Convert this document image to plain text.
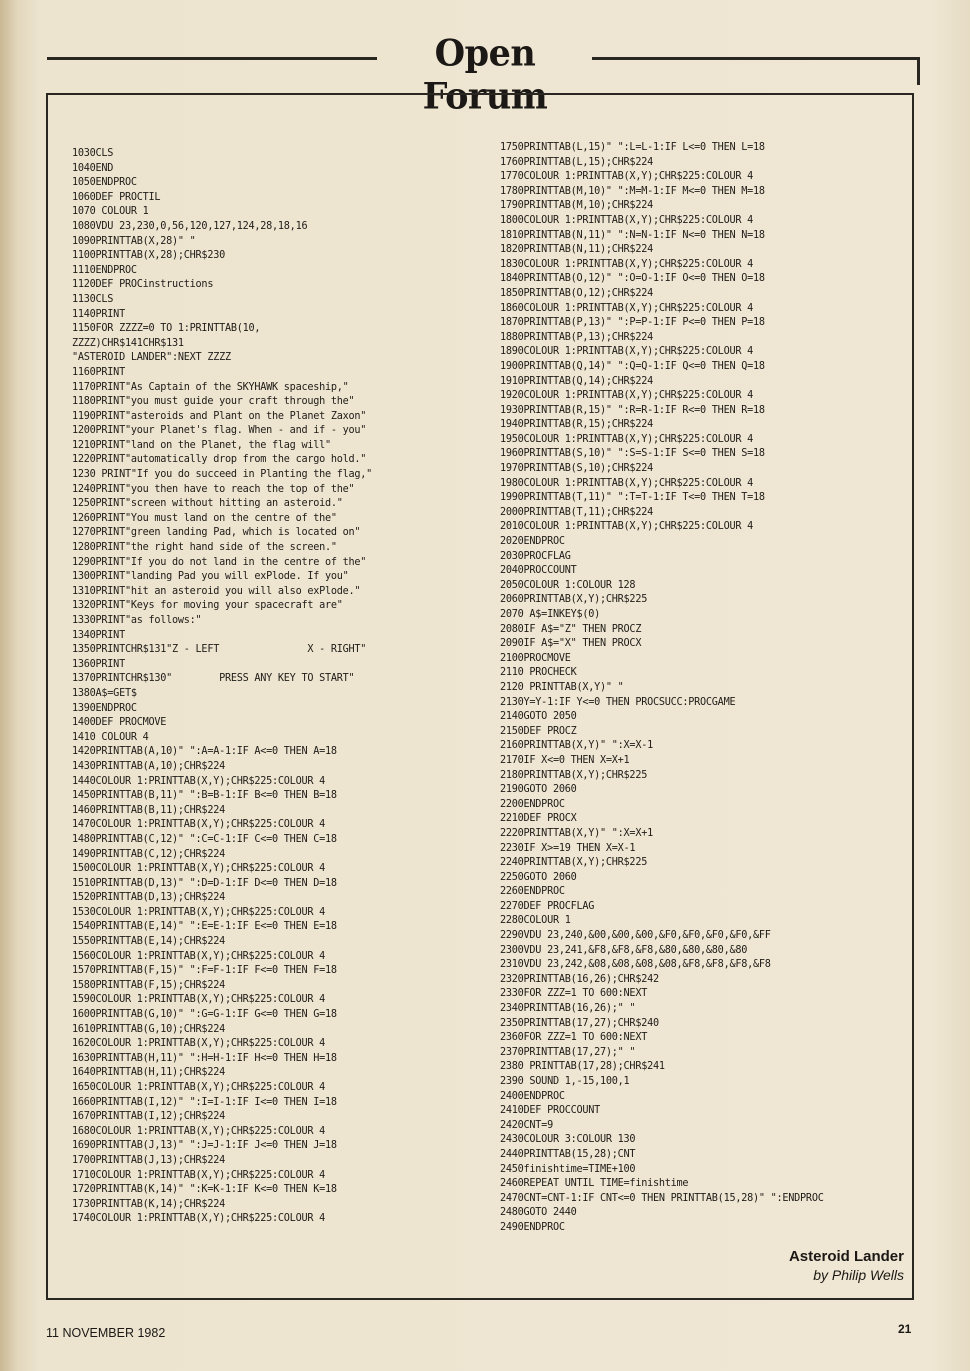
Open Forum
1030CLS
1040END
1050ENDPROC
1060DEF PROCTIL
1070 COLOUR 1
1080VDU 23,230,0,56,120,127,124,28,18,16
1090PRINTTAB(X,28)" "
1100PRINTTAB(X,28);CHR$230
1110ENDPROC
1120DEF PROCinstructions
1130CLS
1140PRINT
1150FOR ZZZZ=0 TO 1:PRINTTAB(10,
ZZZZ)CHR$141CHR$131
"ASTEROID LANDER":NEXT ZZZZ
1160PRINT
1170PRINT"As Captain of the SKYHAWK spaceship,"
1180PRINT"you must guide your craft through the"
1190PRINT"asteroids and Plant on the Planet Zaxon"
1200PRINT"your Planet's flag. When - and if - you"
1210PRINT"land on the Planet, the flag will"
1220PRINT"automatically drop from the cargo hold."
1230 PRINT"If you do succeed in Planting the flag,"
1240PRINT"you then have to reach the top of the"
1250PRINT"screen without hitting an asteroid."
1260PRINT"You must land on the centre of the"
1270PRINT"green landing Pad, which is located on"
1280PRINT"the right hand side of the screen."
1290PRINT"If you do not land in the centre of the"
1300PRINT"landing Pad you will exPlode. If you"
1310PRINT"hit an asteroid you will also exPlode."
1320PRINT"Keys for moving your spacecraft are"
1330PRINT"as follows:"
1340PRINT
1350PRINTCHR$131"Z - LEFT               X - RIGHT"
1360PRINT
1370PRINTCHR$130"        PRESS ANY KEY TO START"
1380A$=GET$
1390ENDPROC
1400DEF PROCMOVE
1410 COLOUR 4
1420PRINTTAB(A,10)" ":A=A-1:IF A<=0 THEN A=18
1430PRINTTAB(A,10);CHR$224
1440COLOUR 1:PRINTTAB(X,Y);CHR$225:COLOUR 4
1450PRINTTAB(B,11)" ":B=B-1:IF B<=0 THEN B=18
1460PRINTTAB(B,11);CHR$224
1470COLOUR 1:PRINTTAB(X,Y);CHR$225:COLOUR 4
1480PRINTTAB(C,12)" ":C=C-1:IF C<=0 THEN C=18
1490PRINTTAB(C,12);CHR$224
1500COLOUR 1:PRINTTAB(X,Y);CHR$225:COLOUR 4
1510PRINTTAB(D,13)" ":D=D-1:IF D<=0 THEN D=18
1520PRINTTAB(D,13);CHR$224
1530COLOUR 1:PRINTTAB(X,Y);CHR$225:COLOUR 4
1540PRINTTAB(E,14)" ":E=E-1:IF E<=0 THEN E=18
1550PRINTTAB(E,14);CHR$224
1560COLOUR 1:PRINTTAB(X,Y);CHR$225:COLOUR 4
1570PRINTTAB(F,15)" ":F=F-1:IF F<=0 THEN F=18
1580PRINTTAB(F,15);CHR$224
1590COLOUR 1:PRINTTAB(X,Y);CHR$225:COLOUR 4
1600PRINTTAB(G,10)" ":G=G-1:IF G<=0 THEN G=18
1610PRINTTAB(G,10);CHR$224
1620COLOUR 1:PRINTTAB(X,Y);CHR$225:COLOUR 4
1630PRINTTAB(H,11)" ":H=H-1:IF H<=0 THEN H=18
1640PRINTTAB(H,11);CHR$224
1650COLOUR 1:PRINTTAB(X,Y);CHR$225:COLOUR 4
1660PRINTTAB(I,12)" ":I=I-1:IF I<=0 THEN I=18
1670PRINTTAB(I,12);CHR$224
1680COLOUR 1:PRINTTAB(X,Y);CHR$225:COLOUR 4
1690PRINTTAB(J,13)" ":J=J-1:IF J<=0 THEN J=18
1700PRINTTAB(J,13);CHR$224
1710COLOUR 1:PRINTTAB(X,Y);CHR$225:COLOUR 4
1720PRINTTAB(K,14)" ":K=K-1:IF K<=0 THEN K=18
1730PRINTTAB(K,14);CHR$224
1740COLOUR 1:PRINTTAB(X,Y);CHR$225:COLOUR 4
1750PRINTTAB(L,15)" ":L=L-1:IF L<=0 THEN L=18
1760PRINTTAB(L,15);CHR$224
1770COLOUR 1:PRINTTAB(X,Y);CHR$225:COLOUR 4
1780PRINTTAB(M,10)" ":M=M-1:IF M<=0 THEN M=18
1790PRINTTAB(M,10);CHR$224
1800COLOUR 1:PRINTTAB(X,Y);CHR$225:COLOUR 4
1810PRINTTAB(N,11)" ":N=N-1:IF N<=0 THEN N=18
1820PRINTTAB(N,11);CHR$224
1830COLOUR 1:PRINTTAB(X,Y);CHR$225:COLOUR 4
1840PRINTTAB(O,12)" ":O=O-1:IF O<=0 THEN O=18
1850PRINTTAB(O,12);CHR$224
1860COLOUR 1:PRINTTAB(X,Y);CHR$225:COLOUR 4
1870PRINTTAB(P,13)" ":P=P-1:IF P<=0 THEN P=18
1880PRINTTAB(P,13);CHR$224
1890COLOUR 1:PRINTTAB(X,Y);CHR$225:COLOUR 4
1900PRINTTAB(Q,14)" ":Q=Q-1:IF Q<=0 THEN Q=18
1910PRINTTAB(Q,14);CHR$224
1920COLOUR 1:PRINTTAB(X,Y);CHR$225:COLOUR 4
1930PRINTTAB(R,15)" ":R=R-1:IF R<=0 THEN R=18
1940PRINTTAB(R,15);CHR$224
1950COLOUR 1:PRINTTAB(X,Y);CHR$225:COLOUR 4
1960PRINTTAB(S,10)" ":S=S-1:IF S<=0 THEN S=18
1970PRINTTAB(S,10);CHR$224
1980COLOUR 1:PRINTTAB(X,Y);CHR$225:COLOUR 4
1990PRINTTAB(T,11)" ":T=T-1:IF T<=0 THEN T=18
2000PRINTTAB(T,11);CHR$224
2010COLOUR 1:PRINTTAB(X,Y);CHR$225:COLOUR 4
2020ENDPROC
2030PROCFLAG
2040PROCCOUNT
2050COLOUR 1:COLOUR 128
2060PRINTTAB(X,Y);CHR$225
2070 A$=INKEY$(0)
2080IF A$="Z" THEN PROCZ
2090IF A$="X" THEN PROCX
2100PROCMOVE
2110 PROCHECK
2120 PRINTTAB(X,Y)" "
2130Y=Y-1:IF Y<=0 THEN PROCSUCC:PROCGAME
2140GOTO 2050
2150DEF PROCZ
2160PRINTTAB(X,Y)" ":X=X-1
2170IF X<=0 THEN X=X+1
2180PRINTTAB(X,Y);CHR$225
2190GOTO 2060
2200ENDPROC
2210DEF PROCX
2220PRINTTAB(X,Y)" ":X=X+1
2230IF X>=19 THEN X=X-1
2240PRINTTAB(X,Y);CHR$225
2250GOTO 2060
2260ENDPROC
2270DEF PROCFLAG
2280COLOUR 1
2290VDU 23,240,&00,&00,&00,&F0,&F0,&F0,&F0,&FF
2300VDU 23,241,&F8,&F8,&F8,&80,&80,&80,&80
2310VDU 23,242,&08,&08,&08,&08,&F8,&F8,&F8,&F8
2320PRINTTAB(16,26);CHR$242
2330FOR ZZZ=1 TO 600:NEXT
2340PRINTTAB(16,26);" "
2350PRINTTAB(17,27);CHR$240
2360FOR ZZZ=1 TO 600:NEXT
2370PRINTTAB(17,27);" "
2380 PRINTTAB(17,28);CHR$241
2390 SOUND 1,-15,100,1
2400ENDPROC
2410DEF PROCCOUNT
2420CNT=9
2430COLOUR 3:COLOUR 130
2440PRINTTAB(15,28);CNT
2450finishtime=TIME+100
2460REPEAT UNTIL TIME=finishtime
2470CNT=CNT-1:IF CNT<=0 THEN PRINTTAB(15,28)" ":ENDPROC
2480GOTO 2440
2490ENDPROC
Asteroid Lander
by Philip Wells
11 NOVEMBER 1982	21
